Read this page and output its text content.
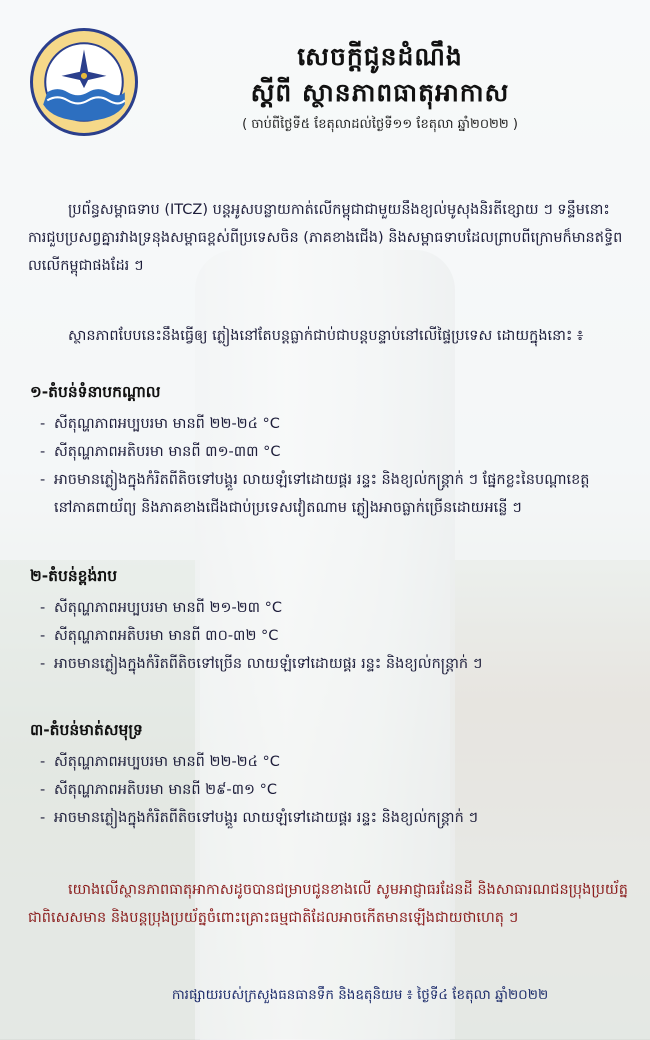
សេចក្តីជូនដំណឹង
ស្តីពី ស្ថានភាពធាតុអាកាស
( ចាប់ពីថ្ងៃទី៥ ខែតុលាដល់ថ្ងៃទី១១ ខែតុលា ឆ្នាំ២០២២ )
ប្រព័ន្ធសម្ពាធទាប (ITCZ) បន្តអូសបន្លាយកាត់លើកម្ពុជាជាមួយនឹងខ្យល់មូសុងនិរតីខ្សោយ ៗ ទន្ទឹមនោះការជួបប្រសព្វគ្នារវាងទ្រនុងសម្ពាធខ្ពស់ពីប្រទេសចិន (ភាគខាងជើង) និងសម្ពាធទាបដែលព្រាបពីក្រោមក៏មានឥទ្ធិពលលើកម្ពុជាផងដែរ ៗ
ស្ថានភាពបែបនេះនឹងធ្វើឲ្យ ភ្លៀងនៅតែបន្តធ្លាក់ជាប់ជាបន្តបន្ទាប់នៅលើផ្ទៃប្រទេស ដោយក្នុងនោះ ៖
១-តំបន់ទំនាបកណ្តាល
- សីតុណ្ហភាពអប្បបរមា មានពី ២២-២៤ °C
- សីតុណ្ហភាពអតិបរមា មានពី ៣១-៣៣ °C
- អាចមានភ្លៀងក្នុងកំរិតពីតិចទៅបង្គួរ លាយឡំទៅដោយផ្គរ រន្ទះ និងខ្យល់កន្ត្រាក់ ៗ ផ្នែកខ្លះនៃបណ្តាខេត្តនៅភាគពាយ័ព្យ និងភាគខាងជើងជាប់ប្រទេសវៀតណាម ភ្លៀងអាចធ្លាក់ច្រើនដោយអន្លើ ៗ
២-តំបន់ខ្ពង់រាប
- សីតុណ្ហភាពអប្បបរមា មានពី ២១-២៣ °C
- សីតុណ្ហភាពអតិបរមា មានពី ៣០-៣២ °C
- អាចមានភ្លៀងក្នុងកំរិតពីតិចទៅច្រើន លាយឡំទៅដោយផ្គរ រន្ទះ និងខ្យល់កន្ត្រាក់ ៗ
៣-តំបន់មាត់សមុទ្រ
- សីតុណ្ហភាពអប្បបរមា មានពី ២២-២៤ °C
- សីតុណ្ហភាពអតិបរមា មានពី ២៩-៣១ °C
- អាចមានភ្លៀងក្នុងកំរិតពីតិចទៅបង្គួរ លាយឡំទៅដោយផ្គរ រន្ទះ និងខ្យល់កន្ត្រាក់ ៗ
យោងលើស្ថានភាពធាតុអាកាសដូចបានជម្រាបជូនខាងលើ សូមអាជ្ញាធរដែនដី និងសាធារណជនប្រុងប្រយ័ត្នជាពិសេសមាន និងបន្តប្រុងប្រយ័ត្នចំពោះគ្រោះធម្មជាតិដែលអាចកើតមានឡើងជាយថាហេតុ ៗ
ការផ្សាយរបស់ក្រសួងធនធានទឹក និងឧតុនិយម ៖ ថ្ងៃទី៤ ខែតុលា ឆ្នាំ២០២២
